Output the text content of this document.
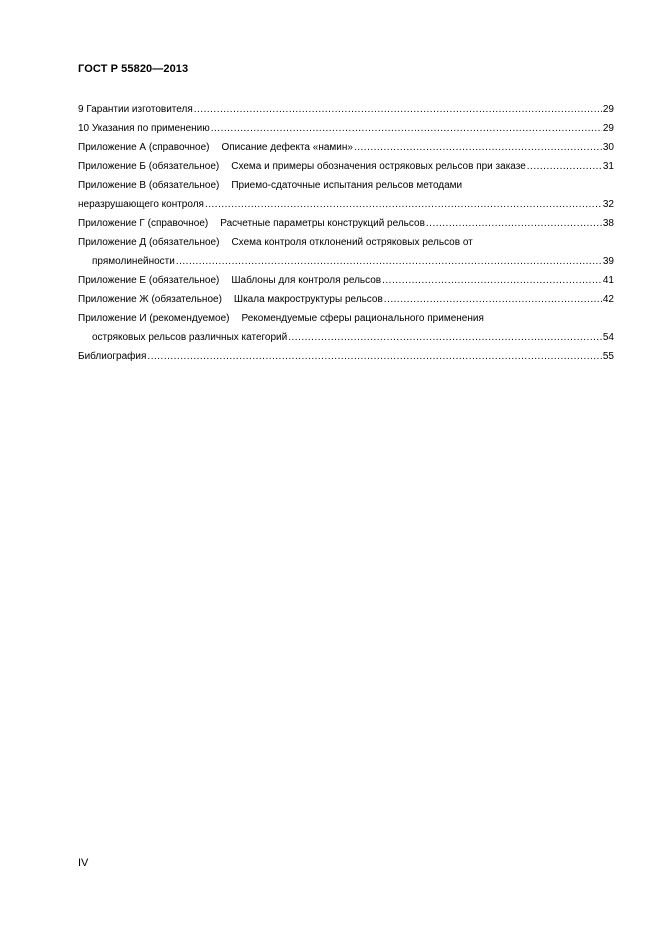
ГОСТ Р 55820—2013
9 Гарантии изготовителя .....	29
10 Указания по применению .....	29
Приложение А (справочное) Описание дефекта «намин» .....	30
Приложение Б (обязательное) Схема и примеры обозначения остряковых рельсов при заказе .....	31
Приложение В (обязательное) Приемо-сдаточные испытания рельсов методами
неразрушающего контроля .....	32
Приложение Г (справочное) Расчетные параметры конструкций рельсов .....	38
Приложение Д (обязательное) Схема контроля отклонений остряковых рельсов от
прямолинейности .....	39
Приложение Е (обязательное) Шаблоны для контроля рельсов .....	41
Приложение Ж (обязательное) Шкала макроструктуры рельсов .....	42
Приложение И (рекомендуемое) Рекомендуемые сферы рационального применения
остряковых рельсов различных категорий .....	54
Библиография .....	55
IV
